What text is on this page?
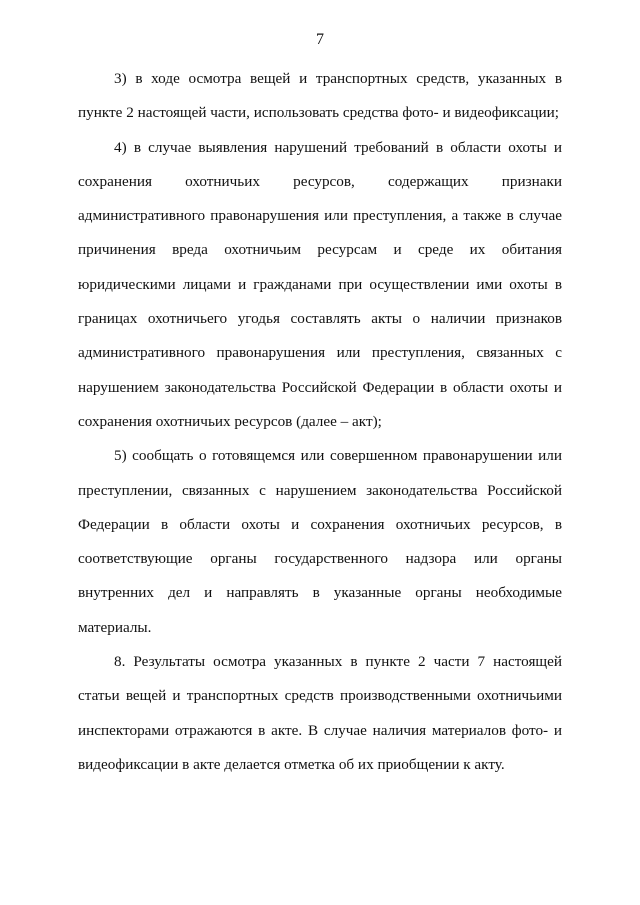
7

3) в ходе осмотра вещей и транспортных средств, указанных в пункте 2 настоящей части, использовать средства фото- и видеофиксации;

4) в случае выявления нарушений требований в области охоты и сохранения охотничьих ресурсов, содержащих признаки административного правонарушения или преступления, а также в случае причинения вреда охотничьим ресурсам и среде их обитания юридическими лицами и гражданами при осуществлении ими охоты в границах охотничьего угодья составлять акты о наличии признаков административного правонарушения или преступления, связанных с нарушением законодательства Российской Федерации в области охоты и сохранения охотничьих ресурсов (далее – акт);

5) сообщать о готовящемся или совершенном правонарушении или преступлении, связанных с нарушением законодательства Российской Федерации в области охоты и сохранения охотничьих ресурсов, в соответствующие органы государственного надзора или органы внутренних дел и направлять в указанные органы необходимые материалы.

8. Результаты осмотра указанных в пункте 2 части 7 настоящей статьи вещей и транспортных средств производственными охотничьими инспекторами отражаются в акте. В случае наличия материалов фото- и видеофиксации в акте делается отметка об их приобщении к акту.
